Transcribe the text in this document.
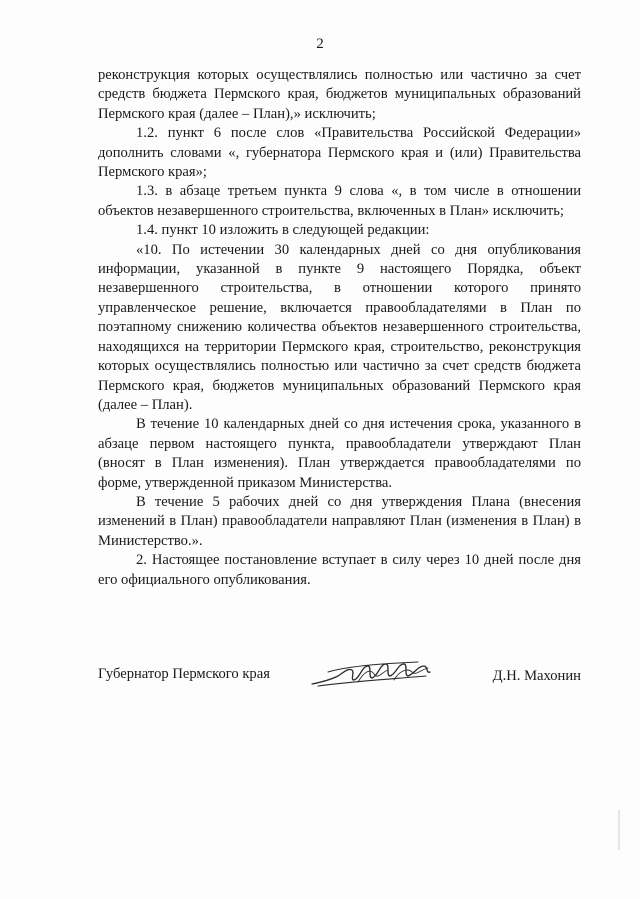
2

реконструкция которых осуществлялись полностью или частично за счет средств бюджета Пермского края, бюджетов муниципальных образований Пермского края (далее – План),» исключить;

1.2. пункт 6 после слов «Правительства Российской Федерации» дополнить словами «, губернатора Пермского края и (или) Правительства Пермского края»;

1.3. в абзаце третьем пункта 9 слова «, в том числе в отношении объектов незавершенного строительства, включенных в План» исключить;

1.4. пункт 10 изложить в следующей редакции:

«10. По истечении 30 календарных дней со дня опубликования информации, указанной в пункте 9 настоящего Порядка, объект незавершенного строительства, в отношении которого принято управленческое решение, включается правообладателями в План по поэтапному снижению количества объектов незавершенного строительства, находящихся на территории Пермского края, строительство, реконструкция которых осуществлялись полностью или частично за счет средств бюджета Пермского края, бюджетов муниципальных образований Пермского края (далее – План).

В течение 10 календарных дней со дня истечения срока, указанного в абзаце первом настоящего пункта, правообладатели утверждают План (вносят в План изменения). План утверждается правообладателями по форме, утвержденной приказом Министерства.

В течение 5 рабочих дней со дня утверждения Плана (внесения изменений в План) правообладатели направляют План (изменения в План) в Министерство.».

2. Настоящее постановление вступает в силу через 10 дней после дня его официального опубликования.

Губернатор Пермского края	Д.Н. Махонин
